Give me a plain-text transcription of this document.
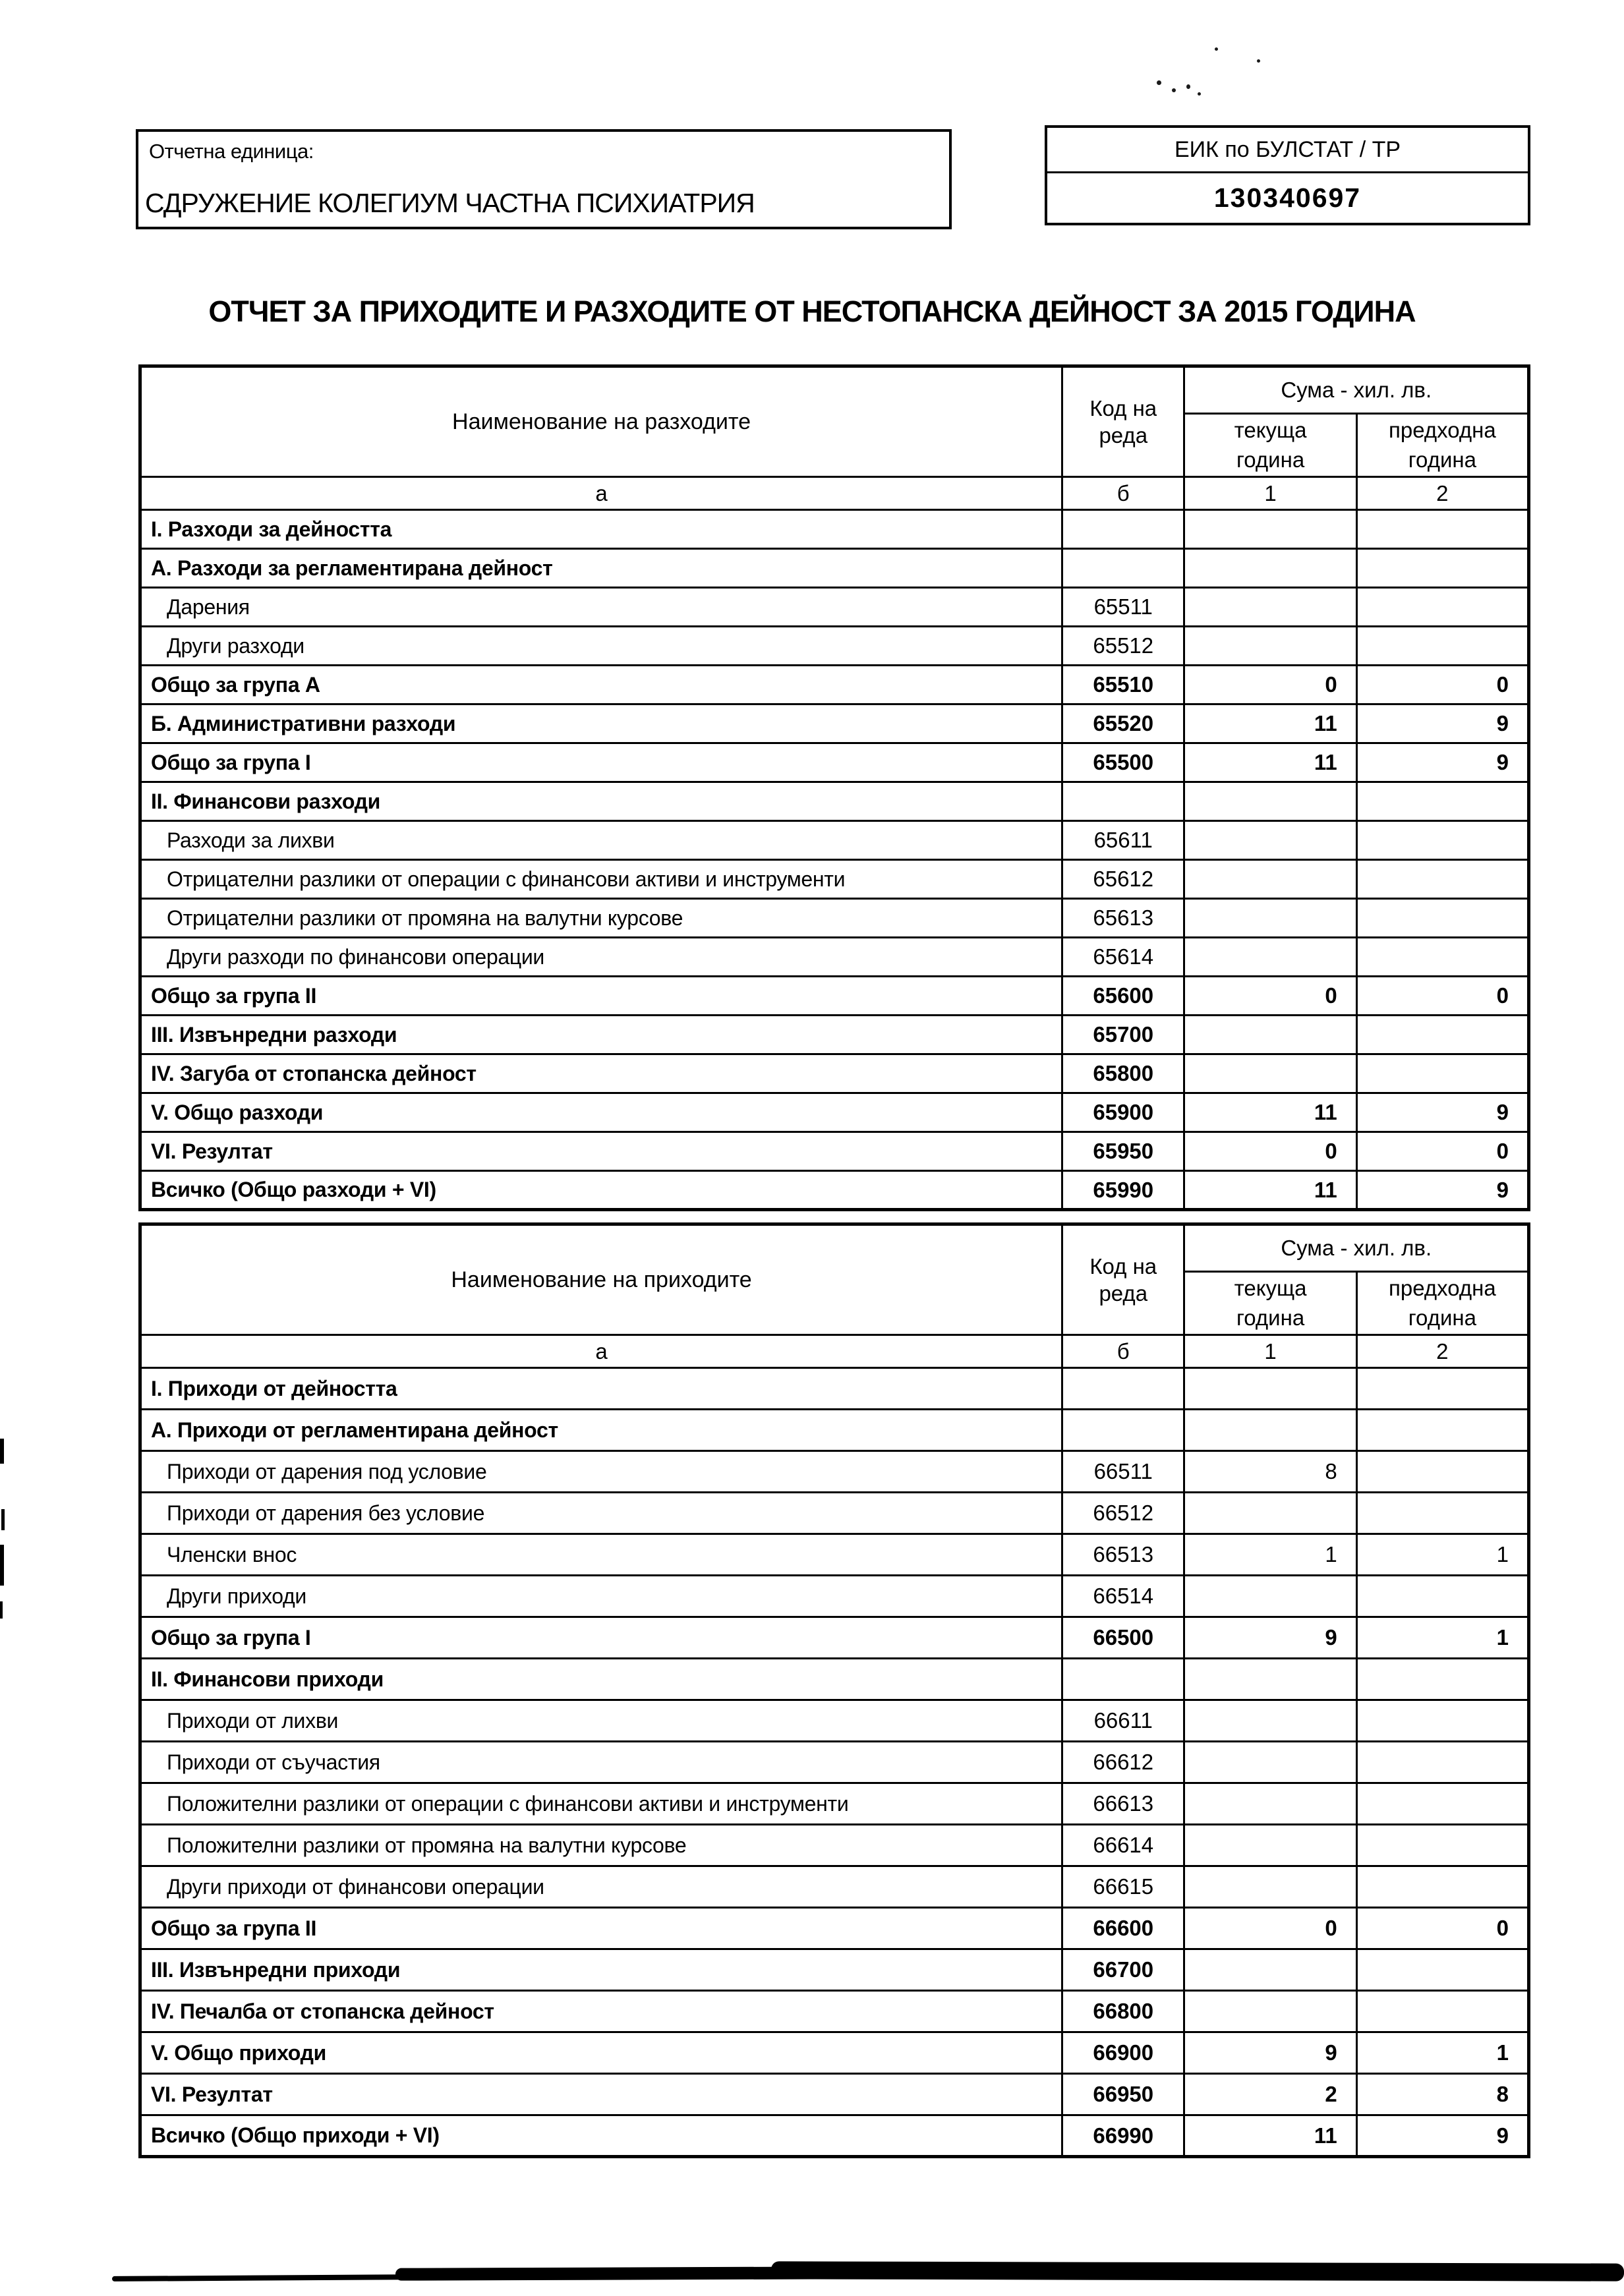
Отчетна единица:
СДРУЖЕНИЕ КОЛЕГИУМ ЧАСТНА ПСИХИАТРИЯ
ЕИК по БУЛСТАТ / ТР
130340697
ОТЧЕТ ЗА ПРИХОДИТЕ И РАЗХОДИТЕ ОТ НЕСТОПАНСКА ДЕЙНОСТ ЗА 2015 ГОДИНА
Наименование на разходите	Код на реда	Сума - хил. лв.	
		текуща година	предходна година
а	б	1	2
I. Разходи за дейността			
А. Разходи за регламентирана дейност			
Дарения	65511		
Други разходи	65512		
Общо за група А	65510	0	0
Б. Административни разходи	65520	11	9
Общо за група I	65500	11	9
II. Финансови разходи			
Разходи за лихви	65611		
Отрицателни разлики от операции с финансови активи и инструменти	65612		
Отрицателни разлики от промяна на валутни курсове	65613		
Други разходи по финансови операции	65614		
Общо за група II	65600	0	0
III. Извънредни разходи	65700		
IV. Загуба от стопанска дейност	65800		
V. Общо разходи	65900	11	9
VI. Резултат	65950	0	0
Всичко (Общо разходи + VI)	65990	11	9
Наименование на приходите	Код на реда	Сума - хил. лв.	
		текуща година	предходна година
а	б	1	2
I. Приходи от дейността			
А. Приходи от регламентирана дейност			
Приходи от дарения под условие	66511	8	
Приходи от дарения без условие	66512		
Членски внос	66513	1	1
Други приходи	66514		
Общо за група I	66500	9	1
II. Финансови приходи			
Приходи от лихви	66611		
Приходи от съучастия	66612		
Положителни разлики от операции с финансови активи и инструменти	66613		
Положителни разлики от промяна на валутни курсове	66614		
Други приходи от финансови операции	66615		
Общо за група II	66600	0	0
III. Извънредни приходи	66700		
IV. Печалба от стопанска дейност	66800		
V. Общо приходи	66900	9	1
VI. Резултат	66950	2	8
Всичко (Общо приходи + VI)	66990	11	9
